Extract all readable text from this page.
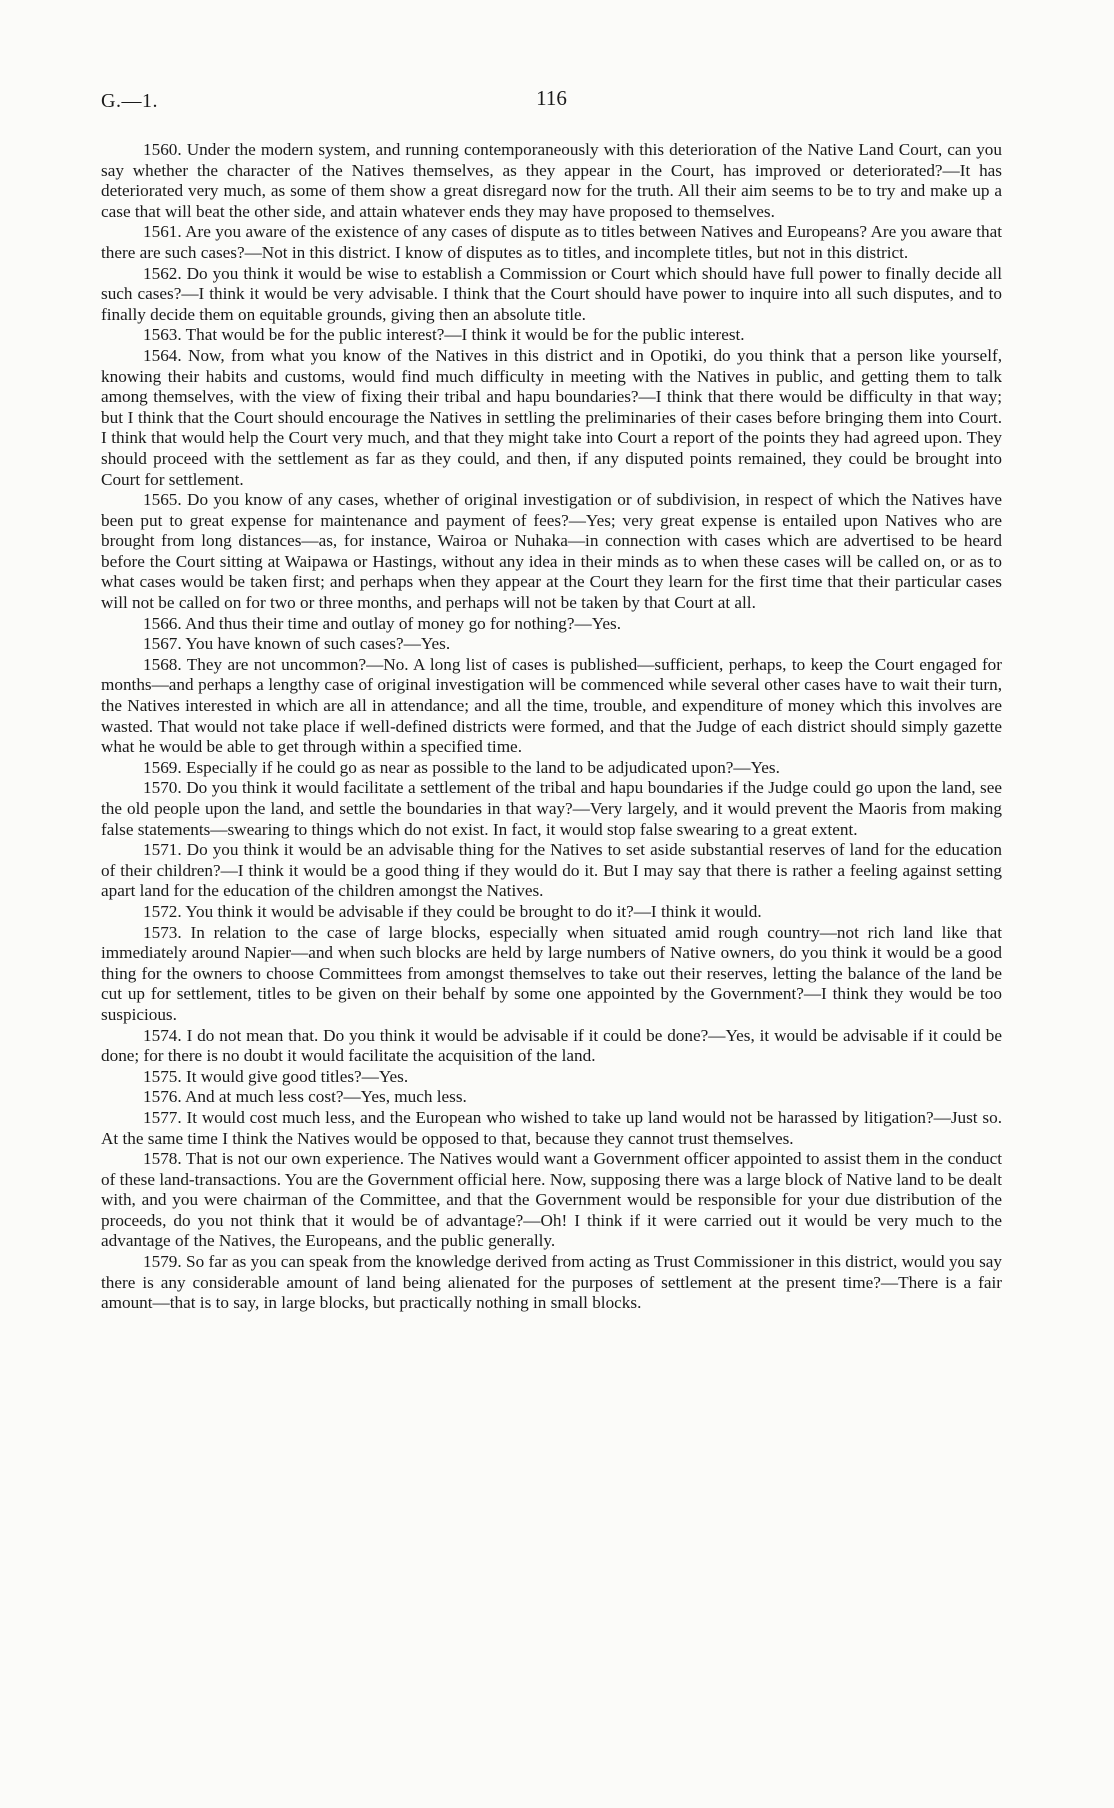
G.—1.	116

1560. Under the modern system, and running contemporaneously with this deterioration of the Native Land Court, can you say whether the character of the Natives themselves, as they appear in the Court, has improved or deteriorated?—It has deteriorated very much, as some of them show a great disregard now for the truth. All their aim seems to be to try and make up a case that will beat the other side, and attain whatever ends they may have proposed to themselves.

1561. Are you aware of the existence of any cases of dispute as to titles between Natives and Europeans? Are you aware that there are such cases?—Not in this district. I know of disputes as to titles, and incomplete titles, but not in this district.

1562. Do you think it would be wise to establish a Commission or Court which should have full power to finally decide all such cases?—I think it would be very advisable. I think that the Court should have power to inquire into all such disputes, and to finally decide them on equitable grounds, giving then an absolute title.

1563. That would be for the public interest?—I think it would be for the public interest.

1564. Now, from what you know of the Natives in this district and in Opotiki, do you think that a person like yourself, knowing their habits and customs, would find much difficulty in meeting with the Natives in public, and getting them to talk among themselves, with the view of fixing their tribal and hapu boundaries?—I think that there would be difficulty in that way; but I think that the Court should encourage the Natives in settling the preliminaries of their cases before bringing them into Court. I think that would help the Court very much, and that they might take into Court a report of the points they had agreed upon. They should proceed with the settlement as far as they could, and then, if any disputed points remained, they could be brought into Court for settlement.

1565. Do you know of any cases, whether of original investigation or of subdivision, in respect of which the Natives have been put to great expense for maintenance and payment of fees?—Yes; very great expense is entailed upon Natives who are brought from long distances—as, for instance, Wairoa or Nuhaka—in connection with cases which are advertised to be heard before the Court sitting at Waipawa or Hastings, without any idea in their minds as to when these cases will be called on, or as to what cases would be taken first; and perhaps when they appear at the Court they learn for the first time that their particular cases will not be called on for two or three months, and perhaps will not be taken by that Court at all.

1566. And thus their time and outlay of money go for nothing?—Yes.

1567. You have known of such cases?—Yes.

1568. They are not uncommon?—No. A long list of cases is published—sufficient, perhaps, to keep the Court engaged for months—and perhaps a lengthy case of original investigation will be commenced while several other cases have to wait their turn, the Natives interested in which are all in attendance; and all the time, trouble, and expenditure of money which this involves are wasted. That would not take place if well-defined districts were formed, and that the Judge of each district should simply gazette what he would be able to get through within a specified time.

1569. Especially if he could go as near as possible to the land to be adjudicated upon?—Yes.

1570. Do you think it would facilitate a settlement of the tribal and hapu boundaries if the Judge could go upon the land, see the old people upon the land, and settle the boundaries in that way?—Very largely, and it would prevent the Maoris from making false statements—swearing to things which do not exist. In fact, it would stop false swearing to a great extent.

1571. Do you think it would be an advisable thing for the Natives to set aside substantial reserves of land for the education of their children?—I think it would be a good thing if they would do it. But I may say that there is rather a feeling against setting apart land for the education of the children amongst the Natives.

1572. You think it would be advisable if they could be brought to do it?—I think it would.

1573. In relation to the case of large blocks, especially when situated amid rough country—not rich land like that immediately around Napier—and when such blocks are held by large numbers of Native owners, do you think it would be a good thing for the owners to choose Committees from amongst themselves to take out their reserves, letting the balance of the land be cut up for settlement, titles to be given on their behalf by some one appointed by the Government?—I think they would be too suspicious.

1574. I do not mean that. Do you think it would be advisable if it could be done?—Yes, it would be advisable if it could be done; for there is no doubt it would facilitate the acquisition of the land.

1575. It would give good titles?—Yes.

1576. And at much less cost?—Yes, much less.

1577. It would cost much less, and the European who wished to take up land would not be harassed by litigation?—Just so. At the same time I think the Natives would be opposed to that, because they cannot trust themselves.

1578. That is not our own experience. The Natives would want a Government officer appointed to assist them in the conduct of these land-transactions. You are the Government official here. Now, supposing there was a large block of Native land to be dealt with, and you were chairman of the Committee, and that the Government would be responsible for your due distribution of the proceeds, do you not think that it would be of advantage?—Oh! I think if it were carried out it would be very much to the advantage of the Natives, the Europeans, and the public generally.

1579. So far as you can speak from the knowledge derived from acting as Trust Commissioner in this district, would you say there is any considerable amount of land being alienated for the purposes of settlement at the present time?—There is a fair amount—that is to say, in large blocks, but practically nothing in small blocks.
